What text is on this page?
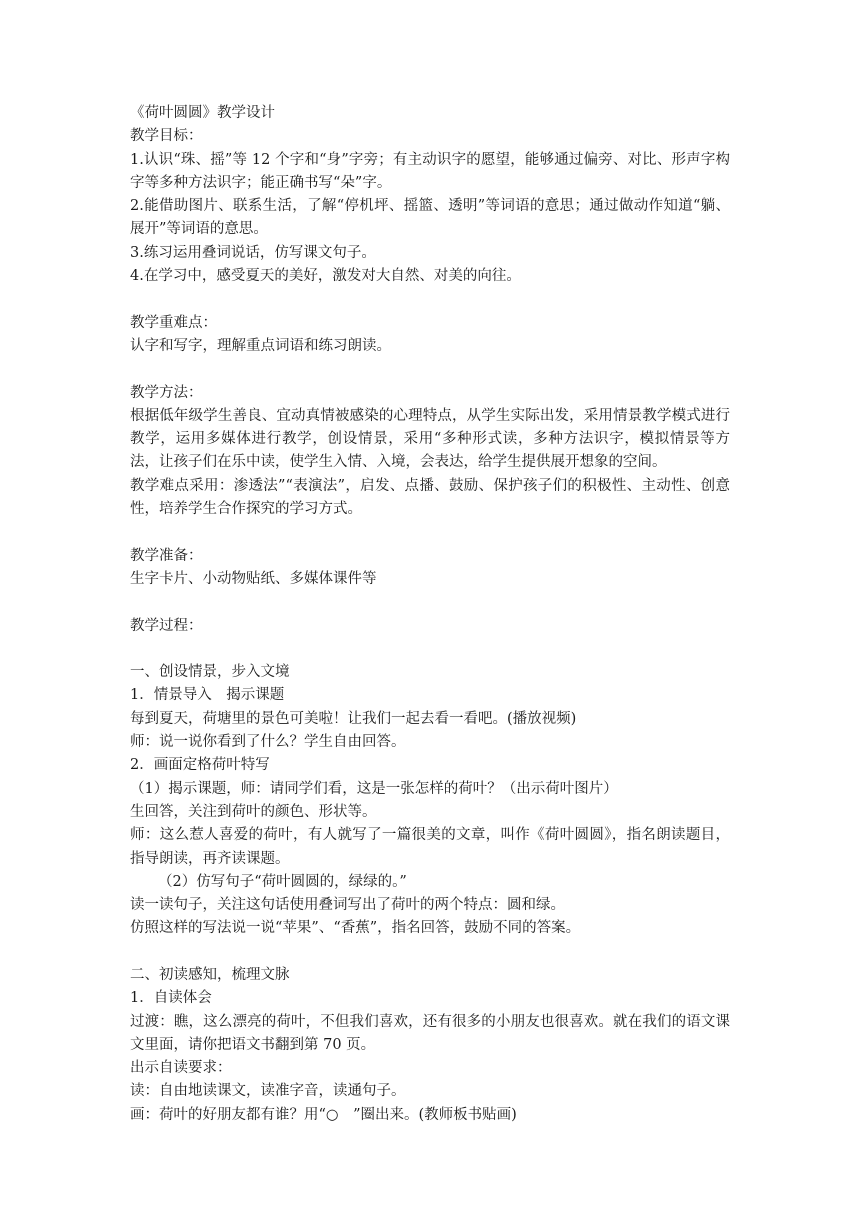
《荷叶圆圆》教学设计
教学目标：
1.认识“珠、摇”等 12 个字和“身”字旁；有主动识字的愿望，能够通过偏旁、对比、形声字构字等多种方法识字；能正确书写“朵”字。
2.能借助图片、联系生活，了解“停机坪、摇篮、透明”等词语的意思；通过做动作知道“躺、展开”等词语的意思。
3.练习运用叠词说话，仿写课文句子。
4.在学习中，感受夏天的美好，激发对大自然、对美的向往。
教学重难点：
认字和写字，理解重点词语和练习朗读。
教学方法：
根据低年级学生善良、宜动真情被感染的心理特点，从学生实际出发，采用情景教学模式进行教学，运用多媒体进行教学，创设情景，采用“多种形式读，多种方法识字，模拟情景等方法，让孩子们在乐中读，使学生入情、入境，会表达，给学生提供展开想象的空间。
教学难点采用：渗透法”“表演法”，启发、点播、鼓励、保护孩子们的积极性、主动性、创意性，培养学生合作探究的学习方式。
教学准备：
生字卡片、小动物贴纸、多媒体课件等
教学过程：
一、创设情景，步入文境
1．情景导入　揭示课题
每到夏天，荷塘里的景色可美啦！让我们一起去看一看吧。(播放视频)
师：说一说你看到了什么？学生自由回答。
2．画面定格荷叶特写
（1）揭示课题，师：请同学们看，这是一张怎样的荷叶？（出示荷叶图片）
生回答，关注到荷叶的颜色、形状等。
师：这么惹人喜爱的荷叶，有人就写了一篇很美的文章，叫作《荷叶圆圆》，指名朗读题目，指导朗读，再齐读课题。
（2）仿写句子“荷叶圆圆的，绿绿的。”
读一读句子，关注这句话使用叠词写出了荷叶的两个特点：圆和绿。
仿照这样的写法说一说“苹果”、“香蕉”，指名回答，鼓励不同的答案。
二、初读感知，梳理文脉
1．自读体会
过渡：瞧，这么漂亮的荷叶，不但我们喜欢，还有很多的小朋友也很喜欢。就在我们的语文课文里面，请你把语文书翻到第 70 页。
出示自读要求：
读：自由地读课文，读准字音，读通句子。
画：荷叶的好朋友都有谁？用“○　”圈出来。(教师板书贴画)
